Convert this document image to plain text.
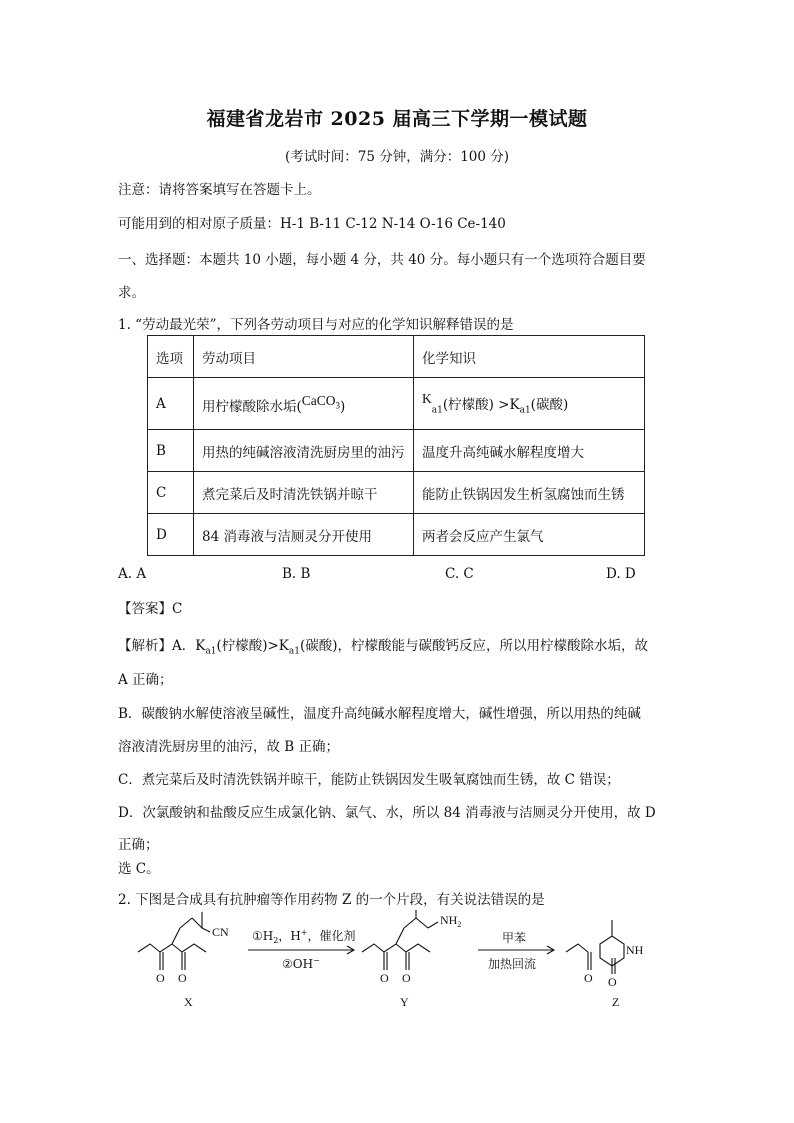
福建省龙岩市 2025 届高三下学期一模试题
(考试时间：75 分钟，满分：100 分)
注意：请将答案填写在答题卡上。
可能用到的相对原子质量：H-1 B-11 C-12 N-14 O-16 Ce-140
一、选择题：本题共 10 小题，每小题 4 分，共 40 分。每小题只有一个选项符合题目要
求。
1. “劳动最光荣”，下列各劳动项目与对应的化学知识解释错误的是
选项	劳动项目	化学知识
A	用柠檬酸除水垢(CaCO$_3$)	$K_{a1}$(柠檬酸) $>K_{a1}$(碳酸)
B	用热的纯碱溶液清洗厨房里的油污	温度升高纯碱水解程度增大
C	煮完菜后及时清洗铁锅并晾干	能防止铁锅因发生析氢腐蚀而生锈
D	84 消毒液与洁厕灵分开使用	两者会反应产生氯气
A. A	B. B	C. C	D. D
【答案】C
【解析】A．$K_{a1}$(柠檬酸)$>K_{a1}$(碳酸)，柠檬酸能与碳酸钙反应，所以用柠檬酸除水垢，故
A 正确；
B．碳酸钠水解使溶液呈碱性，温度升高纯碱水解程度增大，碱性增强，所以用热的纯碱
溶液清洗厨房里的油污，故 B 正确；
C．煮完菜后及时清洗铁锅并晾干，能防止铁锅因发生吸氧腐蚀而生锈，故 C 错误；
D．次氯酸钠和盐酸反应生成氯化钠、氯气、水，所以 84 消毒液与洁厕灵分开使用，故 D
正确；
选 C。
2. 下图是合成具有抗肿瘤等作用药物 Z 的一个片段，有关说法错误的是
CN
O O
X
$①H_2$，H+，催化剂
②OH−
$NH_2$
O O
Y
甲苯
加热回流
NH
O O
Z
